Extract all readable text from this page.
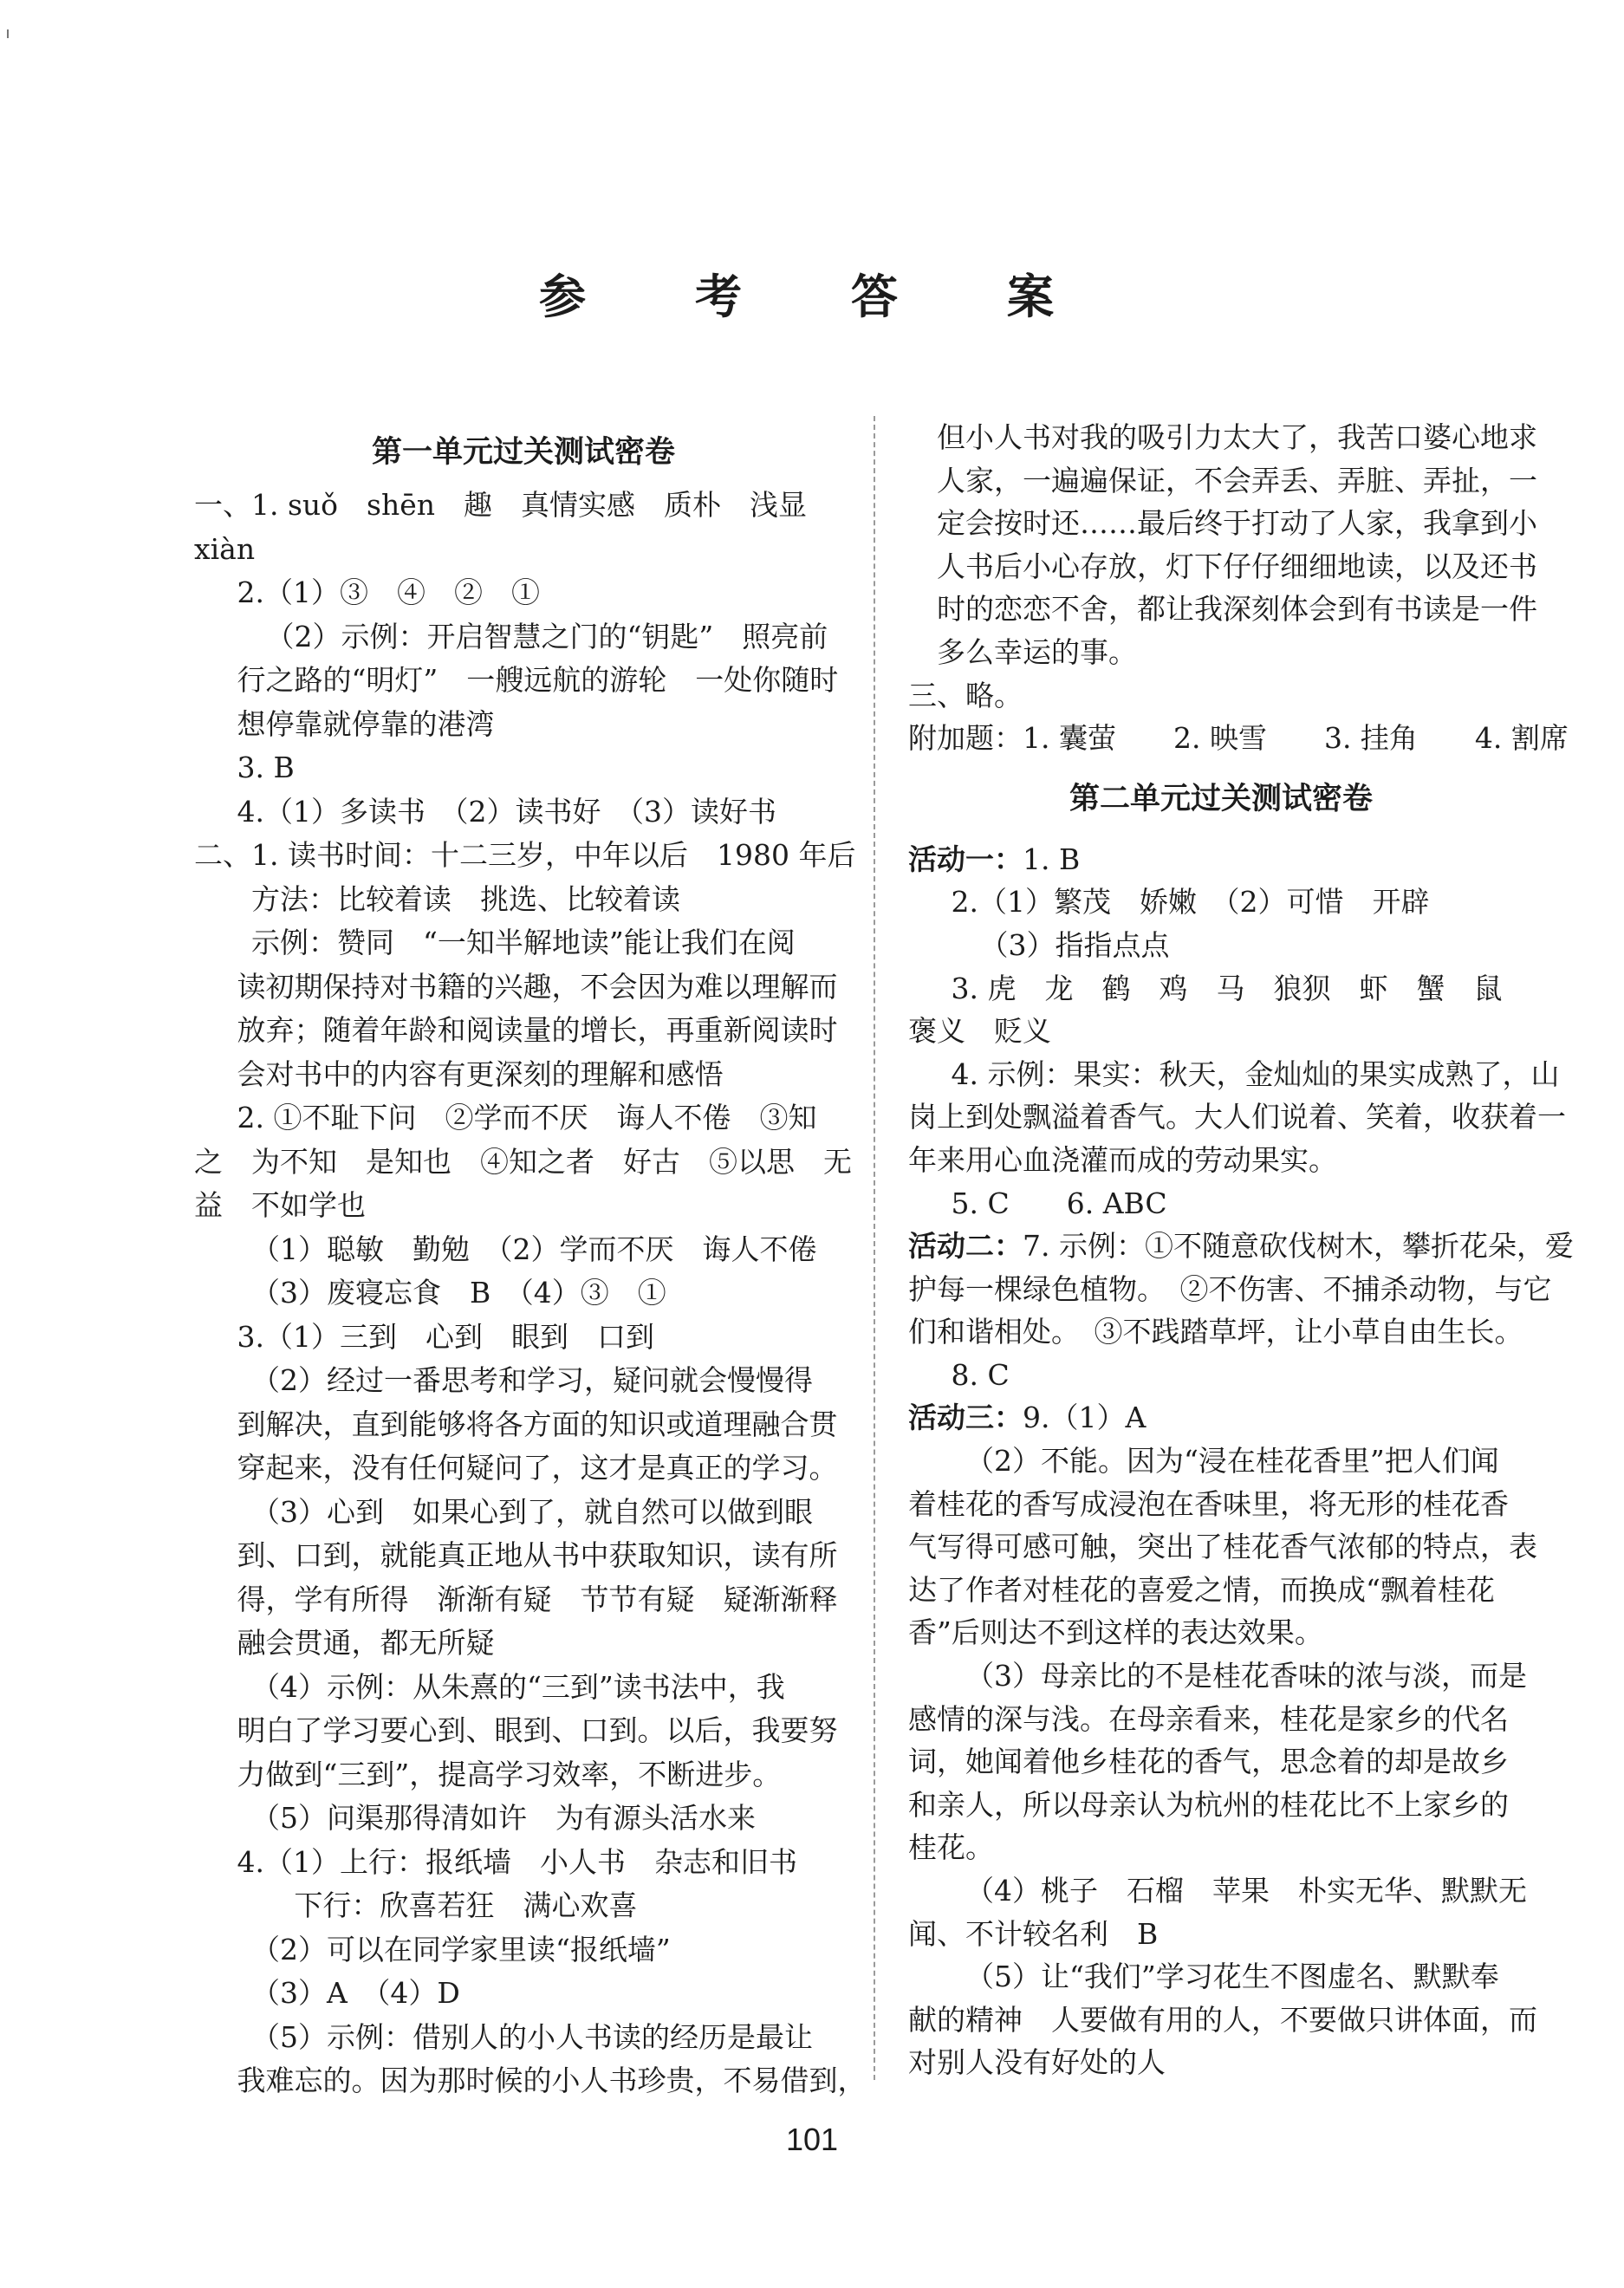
参　考　答　案
第一单元过关测试密卷
一、1. suǒ　shēn　趣　真情实感　质朴　浅显
xiàn
2.（1）③　④　②　①
（2）示例：开启智慧之门的“钥匙”　照亮前
行之路的“明灯”　一艘远航的游轮　一处你随时
想停靠就停靠的港湾
3. B
4.（1）多读书　（2）读书好　（3）读好书
二、1. 读书时间：十二三岁，中年以后　1980 年后
方法：比较着读　挑选、比较着读
示例：赞同　“一知半解地读”能让我们在阅
读初期保持对书籍的兴趣，不会因为难以理解而
放弃；随着年龄和阅读量的增长，再重新阅读时
会对书中的内容有更深刻的理解和感悟
2. ①不耻下问　②学而不厌　诲人不倦　③知
之　为不知　是知也　④知之者　好古　⑤以思　无
益　不如学也
（1）聪敏　勤勉　（2）学而不厌　诲人不倦
（3）废寝忘食　B　（4）③　①
3.（1）三到　心到　眼到　口到
（2）经过一番思考和学习，疑问就会慢慢得
到解决，直到能够将各方面的知识或道理融合贯
穿起来，没有任何疑问了，这才是真正的学习。
（3）心到　如果心到了，就自然可以做到眼
到、口到，就能真正地从书中获取知识，读有所
得，学有所得　渐渐有疑　节节有疑　疑渐渐释
融会贯通，都无所疑
（4）示例：从朱熹的“三到”读书法中，我
明白了学习要心到、眼到、口到。以后，我要努
力做到“三到”，提高学习效率，不断进步。
（5）问渠那得清如许　为有源头活水来
4.（1）上行：报纸墙　小人书　杂志和旧书
下行：欣喜若狂　满心欢喜
（2）可以在同学家里读“报纸墙”
（3）A　（4）D
（5）示例：借别人的小人书读的经历是最让
我难忘的。因为那时候的小人书珍贵，不易借到，
但小人书对我的吸引力太大了，我苦口婆心地求
人家，一遍遍保证，不会弄丢、弄脏、弄扯，一
定会按时还……最后终于打动了人家，我拿到小
人书后小心存放，灯下仔仔细细地读，以及还书
时的恋恋不舍，都让我深刻体会到有书读是一件
多么幸运的事。
三、略。
附加题：1. 囊萤　　2. 映雪　　3. 挂角　　4. 割席
第二单元过关测试密卷
活动一：1. B
2.（1）繁茂　娇嫩　（2）可惜　开辟
（3）指指点点
3. 虎　龙　鹤　鸡　马　狼狈　虾　蟹　鼠
褒义　贬义
4. 示例：果实：秋天，金灿灿的果实成熟了，山
岗上到处飘溢着香气。大人们说着、笑着，收获着一
年来用心血浇灌而成的劳动果实。
5. C　　6. ABC
活动二：7. 示例：①不随意砍伐树木，攀折花朵，爱
护每一棵绿色植物。　②不伤害、不捕杀动物，与它
们和谐相处。　③不践踏草坪，让小草自由生长。
8. C
活动三：9.（1）A
（2）不能。因为“浸在桂花香里”把人们闻
着桂花的香写成浸泡在香味里，将无形的桂花香
气写得可感可触，突出了桂花香气浓郁的特点，表
达了作者对桂花的喜爱之情，而换成“飘着桂花
香”后则达不到这样的表达效果。
（3）母亲比的不是桂花香味的浓与淡，而是
感情的深与浅。在母亲看来，桂花是家乡的代名
词，她闻着他乡桂花的香气，思念着的却是故乡
和亲人，所以母亲认为杭州的桂花比不上家乡的
桂花。
（4）桃子　石榴　苹果　朴实无华、默默无
闻、不计较名利　B
（5）让“我们”学习花生不图虚名、默默奉
献的精神　人要做有用的人，不要做只讲体面，而
对别人没有好处的人
101
